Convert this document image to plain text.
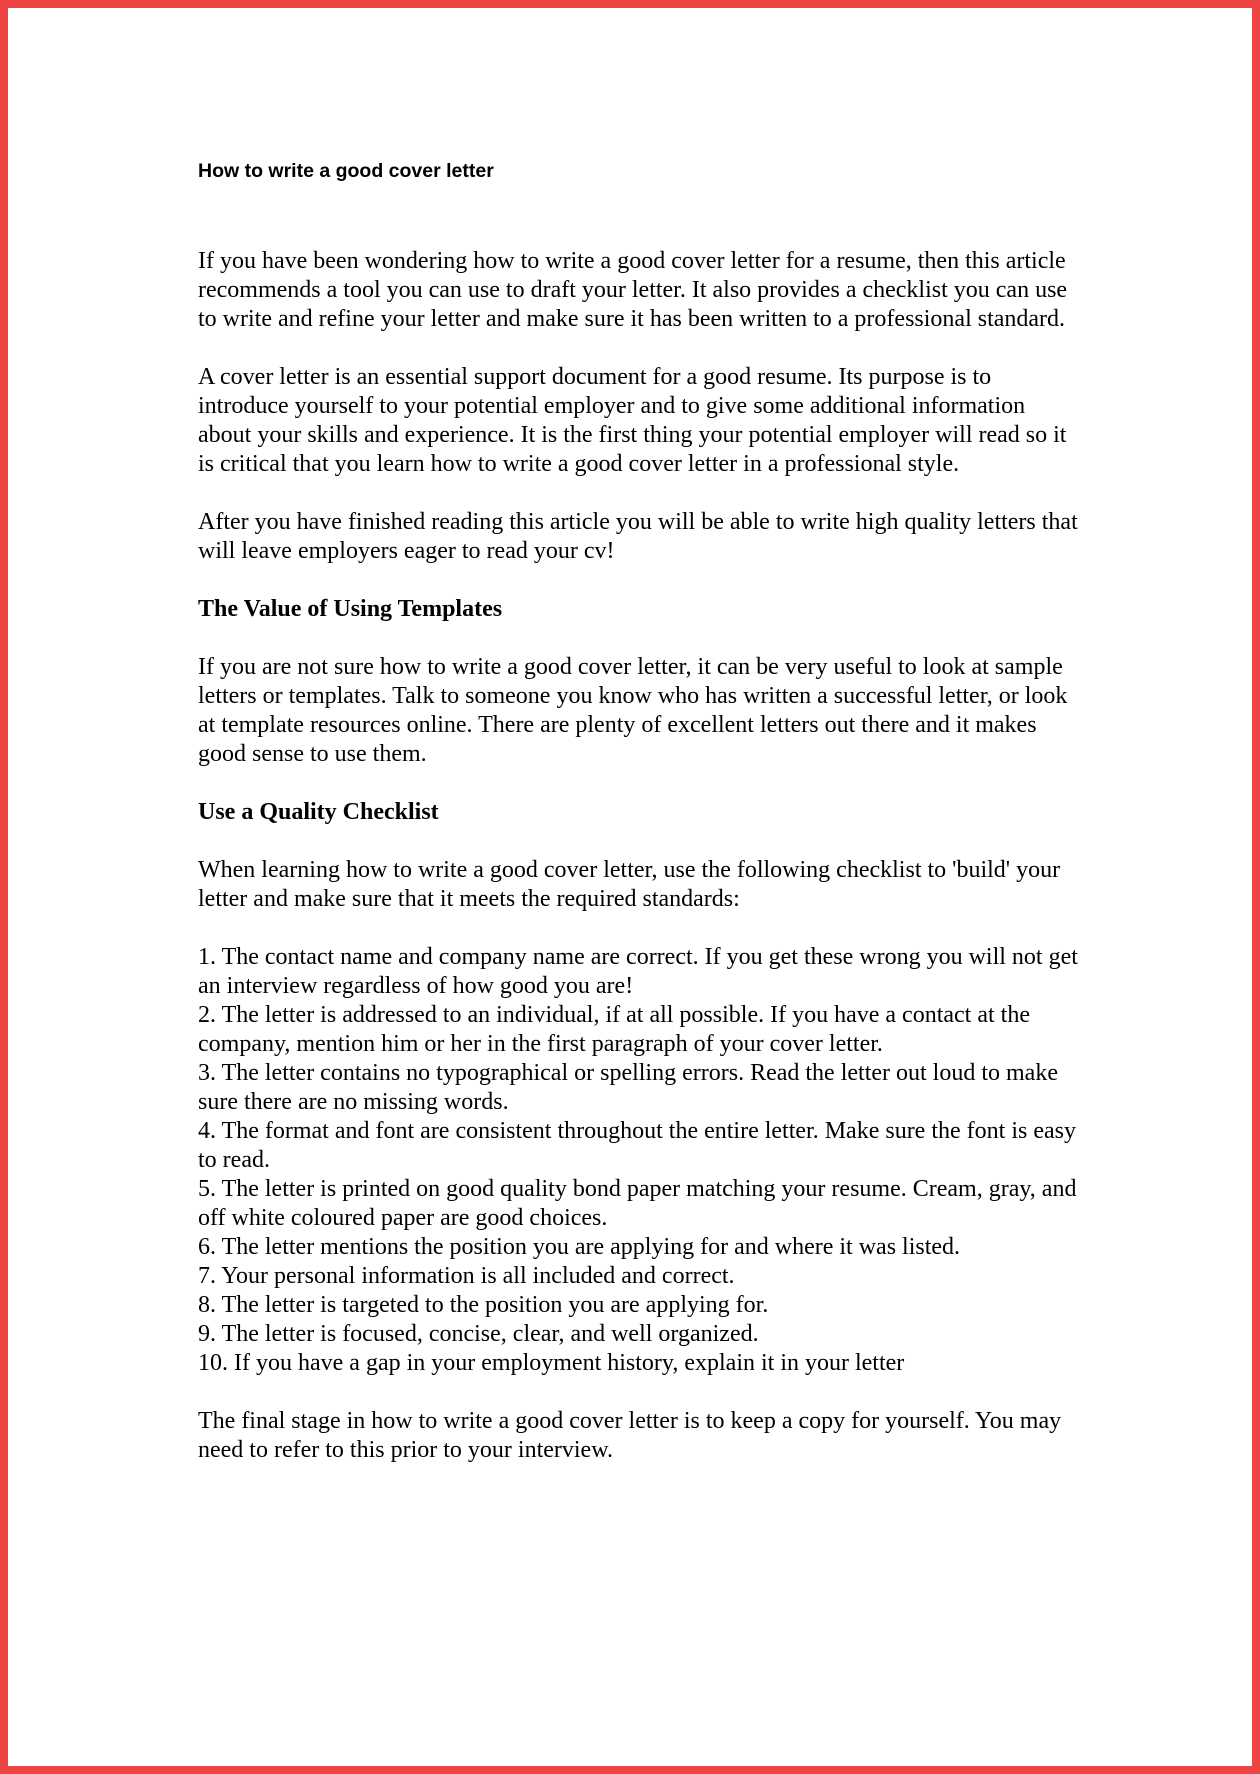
How to write a good cover letter

If you have been wondering how to write a good cover letter for a resume, then this article recommends a tool you can use to draft your letter. It also provides a checklist you can use to write and refine your letter and make sure it has been written to a professional standard.

A cover letter is an essential support document for a good resume. Its purpose is to introduce yourself to your potential employer and to give some additional information about your skills and experience. It is the first thing your potential employer will read so it is critical that you learn how to write a good cover letter in a professional style.

After you have finished reading this article you will be able to write high quality letters that will leave employers eager to read your cv!

The Value of Using Templates

If you are not sure how to write a good cover letter, it can be very useful to look at sample letters or templates. Talk to someone you know who has written a successful letter, or look at template resources online. There are plenty of excellent letters out there and it makes good sense to use them.

Use a Quality Checklist

When learning how to write a good cover letter, use the following checklist to 'build' your letter and make sure that it meets the required standards:

1. The contact name and company name are correct. If you get these wrong you will not get an interview regardless of how good you are!

2. The letter is addressed to an individual, if at all possible. If you have a contact at the company, mention him or her in the first paragraph of your cover letter.

3. The letter contains no typographical or spelling errors. Read the letter out loud to make sure there are no missing words.

4. The format and font are consistent throughout the entire letter. Make sure the font is easy to read.

5. The letter is printed on good quality bond paper matching your resume. Cream, gray, and off white coloured paper are good choices.

6. The letter mentions the position you are applying for and where it was listed.

7. Your personal information is all included and correct.

8. The letter is targeted to the position you are applying for.

9. The letter is focused, concise, clear, and well organized.

10. If you have a gap in your employment history, explain it in your letter

The final stage in how to write a good cover letter is to keep a copy for yourself. You may need to refer to this prior to your interview.
